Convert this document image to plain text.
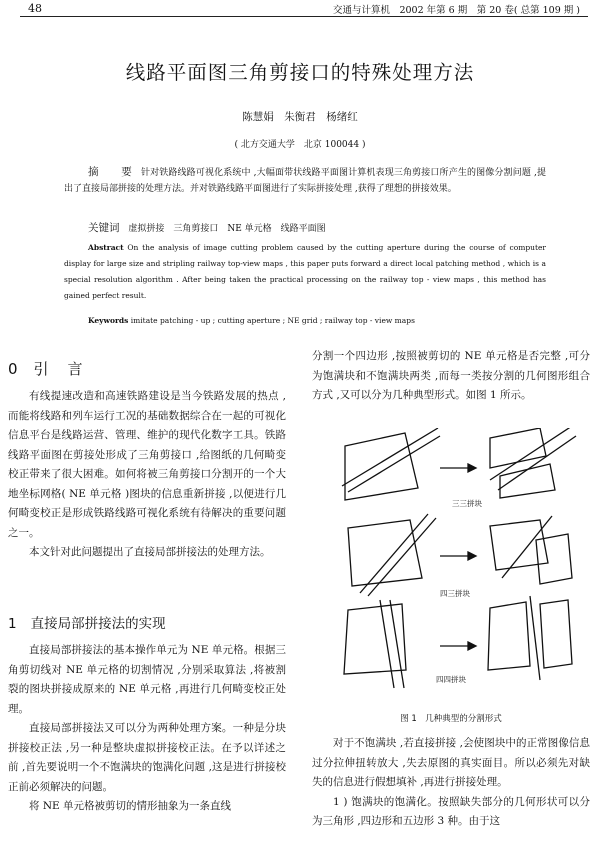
48	交通与计算机　2002 年第 6 期　第 20 卷( 总第 109 期 )
线路平面图三角剪接口的特殊处理方法
陈慧娟　朱衡君　杨绪红
( 北方交通大学　北京 100044 )
摘　要 针对铁路线路可视化系统中 ,大幅面带状线路平面图计算机表现三角剪接口所产生的图像分割问题 ,提出了直接局部拼接的处理方法。并对铁路线路平面图进行了实际拼接处理 ,获得了理想的拼接效果。
关键词 虚拟拼接　三角剪接口　NE 单元格　线路平面图
Abstract On the analysis of image cutting problem caused by the cutting aperture during the course of computer display for large size and stripling railway top-view maps , this paper puts forward a direct local patching method , which is a special resolution algorithm . After being taken the practical processing on the railway top - view maps , this method has gained perfect result.
Keywords imitate patching - up ; cutting aperture ; NE grid ; railway top - view maps
0 引　言

有线提速改造和高速铁路建设是当今铁路发展的热点 ,而能将线路和列车运行工况的基础数据综合在一起的可视化信息平台是线路运营、管理、维护的现代化数字工具。铁路线路平面图在剪接处形成了三角剪接口 ,给图纸的几何畸变校正带来了很大困难。如何将被三角剪接口分割开的一个大地坐标网格( NE 单元格 )图块的信息重新拼接 ,以便进行几何畸变校正是形成铁路线路可视化系统有待解决的重要问题之一。

本文针对此问题提出了直接局部拼接法的处理方法。

1 直接局部拼接法的实现

直接局部拼接法的基本操作单元为 NE 单元格。根据三角剪切线对 NE 单元格的切割情况 ,分别采取算法 ,将被割裂的图块拼接成原来的 NE 单元格 ,再进行几何畸变校正处理。

直接局部拼接法又可以分为两种处理方案。一种是分块拼接校正法 ,另一种是整块虚拟拼接校正法。在予以详述之前 ,首先要说明一个不饱满块的饱满化问题 ,这是进行拼接校正前必须解决的问题。

将 NE 单元格被剪切的情形抽象为一条直线

分割一个四边形 ,按照被剪切的 NE 单元格是否完整 ,可分为饱满块和不饱满块两类 ,而每一类按分割的几何图形组合方式 ,又可以分为几种典型形式。如图 1 所示。

三三拼块
四三拼块
四四拼块
图 1　几种典型的分割形式

对于不饱满块 ,若直接拼接 ,会使图块中的正常图像信息过分拉伸扭转放大 ,失去原图的真实面目。所以必须先对缺失的信息进行假想填补 ,再进行拼接处理。

1 ) 饱满块的饱满化。按照缺失部分的几何形状可以分为三角形 ,四边形和五边形 3 种。由于这
